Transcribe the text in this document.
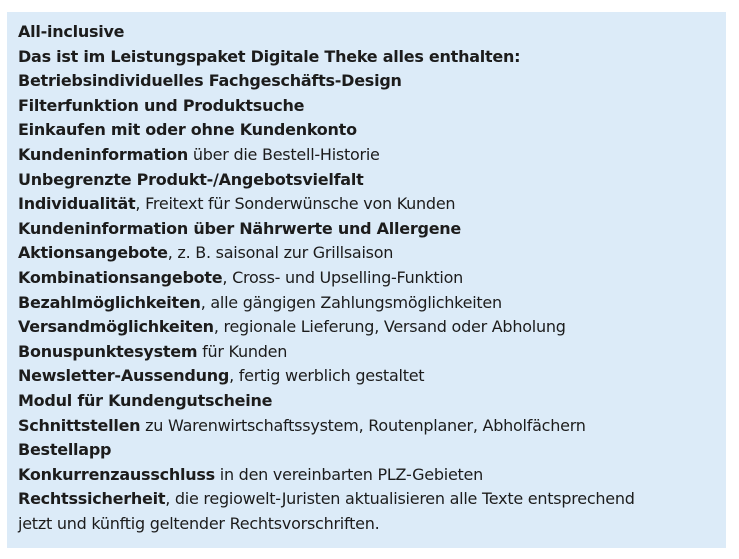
All-inclusive
Das ist im Leistungspaket Digitale Theke alles enthalten:
Betriebsindividuelles Fachgeschäfts-Design
Filterfunktion und Produktsuche
Einkaufen mit oder ohne Kundenkonto
Kundeninformation über die Bestell-Historie
Unbegrenzte Produkt-/Angebotsvielfalt
Individualität, Freitext für Sonderwünsche von Kunden
Kundeninformation über Nährwerte und Allergene
Aktionsangebote, z. B. saisonal zur Grillsaison
Kombinationsangebote, Cross- und Upselling-Funktion
Bezahlmöglichkeiten, alle gängigen Zahlungsmöglichkeiten
Versandmöglichkeiten, regionale Lieferung, Versand oder Abholung
Bonuspunktesystem für Kunden
Newsletter-Aussendung, fertig werblich gestaltet
Modul für Kundengutscheine
Schnittstellen zu Warenwirtschaftssystem, Routenplaner, Abholfächern
Bestellapp
Konkurrenzausschluss in den vereinbarten PLZ-Gebieten
Rechtssicherheit, die regiowelt-Juristen aktualisieren alle Texte entsprechend
jetzt und künftig geltender Rechtsvorschriften.
